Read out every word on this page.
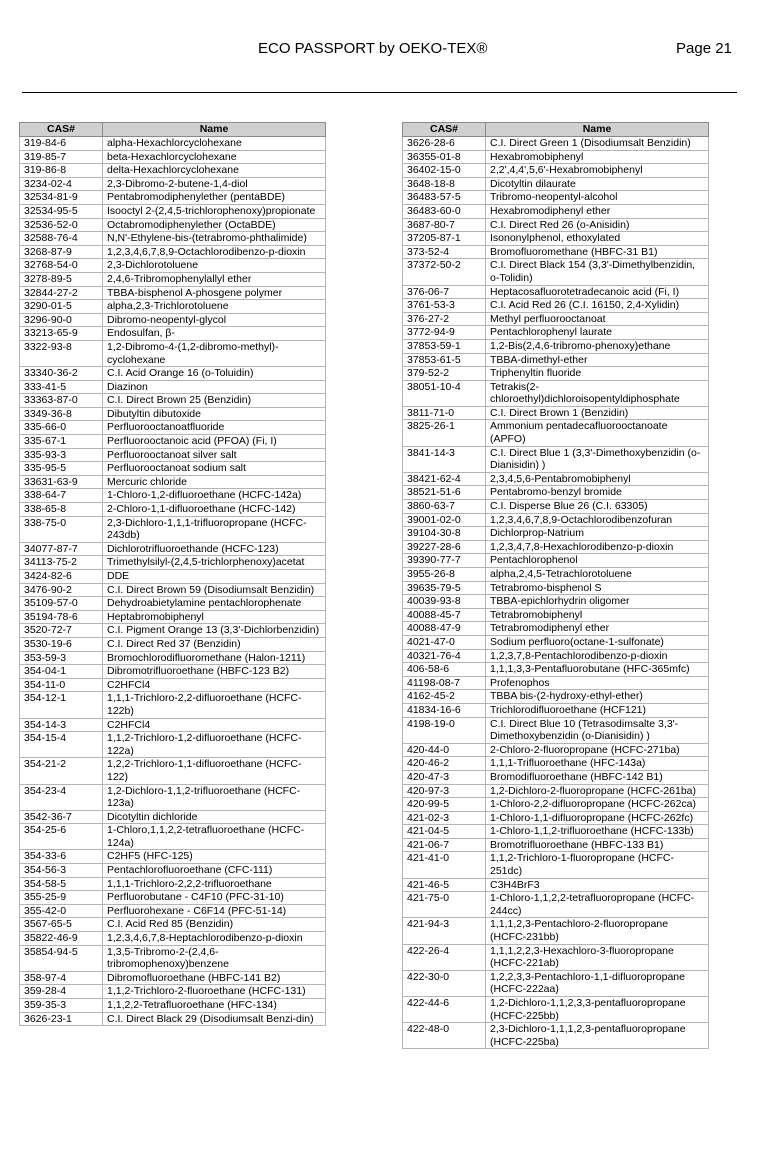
ECO PASSPORT by OEKO-TEX®	Page 21
CAS#	Name
319-84-6	alpha-Hexachlorcyclohexane
319-85-7	beta-Hexachlorcyclohexane
319-86-8	delta-Hexachlorcyclohexane
3234-02-4	2,3-Dibromo-2-butene-1,4-diol
32534-81-9	Pentabromodiphenylether (pentaBDE)
32534-95-5	Isooctyl 2-(2,4,5-trichlorophenoxy)propionate
32536-52-0	Octabromodiphenylether (OctaBDE)
32588-76-4	N,N'-Ethylene-bis-(tetrabromo-phthalimide)
3268-87-9	1,2,3,4,6,7,8,9-Octachlorodibenzo-p-dioxin
32768-54-0	2,3-Dichlorotoluene
3278-89-5	2,4,6-Tribromophenylallyl ether
32844-27-2	TBBA-bisphenol A-phosgene polymer
3290-01-5	alpha,2,3-Trichlorotoluene
3296-90-0	Dibromo-neopentyl-glycol
33213-65-9	Endosulfan, β-
3322-93-8	1,2-Dibromo-4-(1,2-dibromo-methyl)-cyclohexane
33340-36-2	C.I. Acid Orange 16 (o-Toluidin)
333-41-5	Diazinon
33363-87-0	C.I. Direct Brown 25 (Benzidin)
3349-36-8	Dibutyltin dibutoxide
335-66-0	Perfluorooctanoatfluoride
335-67-1	Perfluorooctanoic acid (PFOA) (Fi, I)
335-93-3	Perfluorooctanoat silver salt
335-95-5	Perfluorooctanoat sodium salt
33631-63-9	Mercuric chloride
338-64-7	1-Chloro-1,2-difluoroethane (HCFC-142a)
338-65-8	2-Chloro-1,1-difluoroethane (HCFC-142)
338-75-0	2,3-Dichloro-1,1,1-trifluoropropane (HCFC-243db)
34077-87-7	Dichlorotrifluoroethande (HCFC-123)
34113-75-2	Trimethylsilyl-(2,4,5-trichlorphenoxy)acetat
3424-82-6	DDE
3476-90-2	C.I. Direct Brown 59 (Disodiumsalt Benzidin)
35109-57-0	Dehydroabietylamine pentachlorophenate
35194-78-6	Heptabromobiphenyl
3520-72-7	C.I. Pigment Orange 13 (3,3'-Dichlorbenzidin)
3530-19-6	C.I. Direct Red 37 (Benzidin)
353-59-3	Bromochlorodifluoromethane (Halon-1211)
354-04-1	Dibromotrifluoroethane (HBFC-123 B2)
354-11-0	C2HFCl4
354-12-1	1,1,1-Trichloro-2,2-difluoroethane (HCFC-122b)
354-14-3	C2HFCl4
354-15-4	1,1,2-Trichloro-1,2-difluoroethane (HCFC-122a)
354-21-2	1,2,2-Trichloro-1,1-difluoroethane (HCFC-122)
354-23-4	1,2-Dichloro-1,1,2-trifluoroethane (HCFC-123a)
3542-36-7	Dicotyltin dichloride
354-25-6	1-Chloro,1,1,2,2-tetrafluoroethane (HCFC-124a)
354-33-6	C2HF5 (HFC-125)
354-56-3	Pentachlorofluoroethane (CFC-111)
354-58-5	1,1,1-Trichloro-2,2,2-trifluoroethane
355-25-9	Perfluorobutane - C4F10 (PFC-31-10)
355-42-0	Perfluorohexane - C6F14 (PFC-51-14)
3567-65-5	C.I. Acid Red 85 (Benzidin)
35822-46-9	1,2,3,4,6,7,8-Heptachlorodibenzo-p-dioxin
35854-94-5	1,3,5-Tribromo-2-(2,4,6-tribromophenoxy)benzene
358-97-4	Dibromofluoroethane (HBFC-141 B2)
359-28-4	1,1,2-Trichloro-2-fluoroethane (HCFC-131)
359-35-3	1,1,2,2-Tetrafluoroethane (HFC-134)
3626-23-1	C.I. Direct Black 29 (Disodiumsalt Benzi-din)
CAS#	Name
3626-28-6	C.I. Direct Green 1 (Disodiumsalt Benzidin)
36355-01-8	Hexabromobiphenyl
36402-15-0	2,2',4,4',5,6'-Hexabromobiphenyl
3648-18-8	Dicotyltin dilaurate
36483-57-5	Tribromo-neopentyl-alcohol
36483-60-0	Hexabromodiphenyl ether
3687-80-7	C.I. Direct Red 26 (o-Anisidin)
37205-87-1	Isononylphenol, ethoxylated
373-52-4	Bromofluoromethane (HBFC-31 B1)
37372-50-2	C.I. Direct Black 154 (3,3'-Dimethylbenzidin, o-Tolidin)
376-06-7	Heptacosafluorotetradecanoic acid (Fi, I)
3761-53-3	C.I. Acid Red 26 (C.I. 16150, 2,4-Xylidin)
376-27-2	Methyl perfluorooctanoat
3772-94-9	Pentachlorophenyl laurate
37853-59-1	1,2-Bis(2,4,6-tribromo-phenoxy)ethane
37853-61-5	TBBA-dimethyl-ether
379-52-2	Triphenyltin fluoride
38051-10-4	Tetrakis(2-chloroethyl)dichloroisopentyldiphosphate
3811-71-0	C.I. Direct Brown 1 (Benzidin)
3825-26-1	Ammonium pentadecafluorooctanoate (APFO)
3841-14-3	C.I. Direct Blue 1 (3,3'-Dimethoxybenzidin (o-Dianisidin) )
38421-62-4	2,3,4,5,6-Pentabromobiphenyl
38521-51-6	Pentabromo-benzyl bromide
3860-63-7	C.I. Disperse Blue 26 (C.I. 63305)
39001-02-0	1,2,3,4,6,7,8,9-Octachlorodibenzofuran
39104-30-8	Dichlorprop-Natrium
39227-28-6	1,2,3,4,7,8-Hexachlorodibenzo-p-dioxin
39390-77-7	Pentachlorophenol
3955-26-8	alpha,2,4,5-Tetrachlorotoluene
39635-79-5	Tetrabromo-bisphenol S
40039-93-8	TBBA-epichlorhydrin oligomer
40088-45-7	Tetrabromobiphenyl
40088-47-9	Tetrabromodiphenyl ether
4021-47-0	Sodium perfluoro(octane-1-sulfonate)
40321-76-4	1,2,3,7,8-Pentachlorodibenzo-p-dioxin
406-58-6	1,1,1,3,3-Pentafluorobutane (HFC-365mfc)
41198-08-7	Profenophos
4162-45-2	TBBA bis-(2-hydroxy-ethyl-ether)
41834-16-6	Trichlorodifluoroethane (HCF121)
4198-19-0	C.I. Direct Blue 10 (Tetrasodimsalte 3,3'-Dimethoxybenzidin (o-Dianisidin) )
420-44-0	2-Chloro-2-fluoropropane (HCFC-271ba)
420-46-2	1,1,1-Trifluoroethane (HFC-143a)
420-47-3	Bromodifluoroethane (HBFC-142 B1)
420-97-3	1,2-Dichloro-2-fluoropropane (HCFC-261ba)
420-99-5	1-Chloro-2,2-difluoropropane (HCFC-262ca)
421-02-3	1-Chloro-1,1-difluoropropane (HCFC-262fc)
421-04-5	1-Chloro-1,1,2-trifluoroethane (HCFC-133b)
421-06-7	Bromotrifluoroethane (HBFC-133 B1)
421-41-0	1,1,2-Trichloro-1-fluoropropane (HCFC-251dc)
421-46-5	C3H4BrF3
421-75-0	1-Chloro-1,1,2,2-tetrafluoropropane (HCFC-244cc)
421-94-3	1,1,1,2,3-Pentachloro-2-fluoropropane (HCFC-231bb)
422-26-4	1,1,1,2,2,3-Hexachloro-3-fluoropropane (HCFC-221ab)
422-30-0	1,2,2,3,3-Pentachloro-1,1-difluoropropane (HCFC-222aa)
422-44-6	1,2-Dichloro-1,1,2,3,3-pentafluoropropane (HCFC-225bb)
422-48-0	2,3-Dichloro-1,1,1,2,3-pentafluoropropane (HCFC-225ba)
